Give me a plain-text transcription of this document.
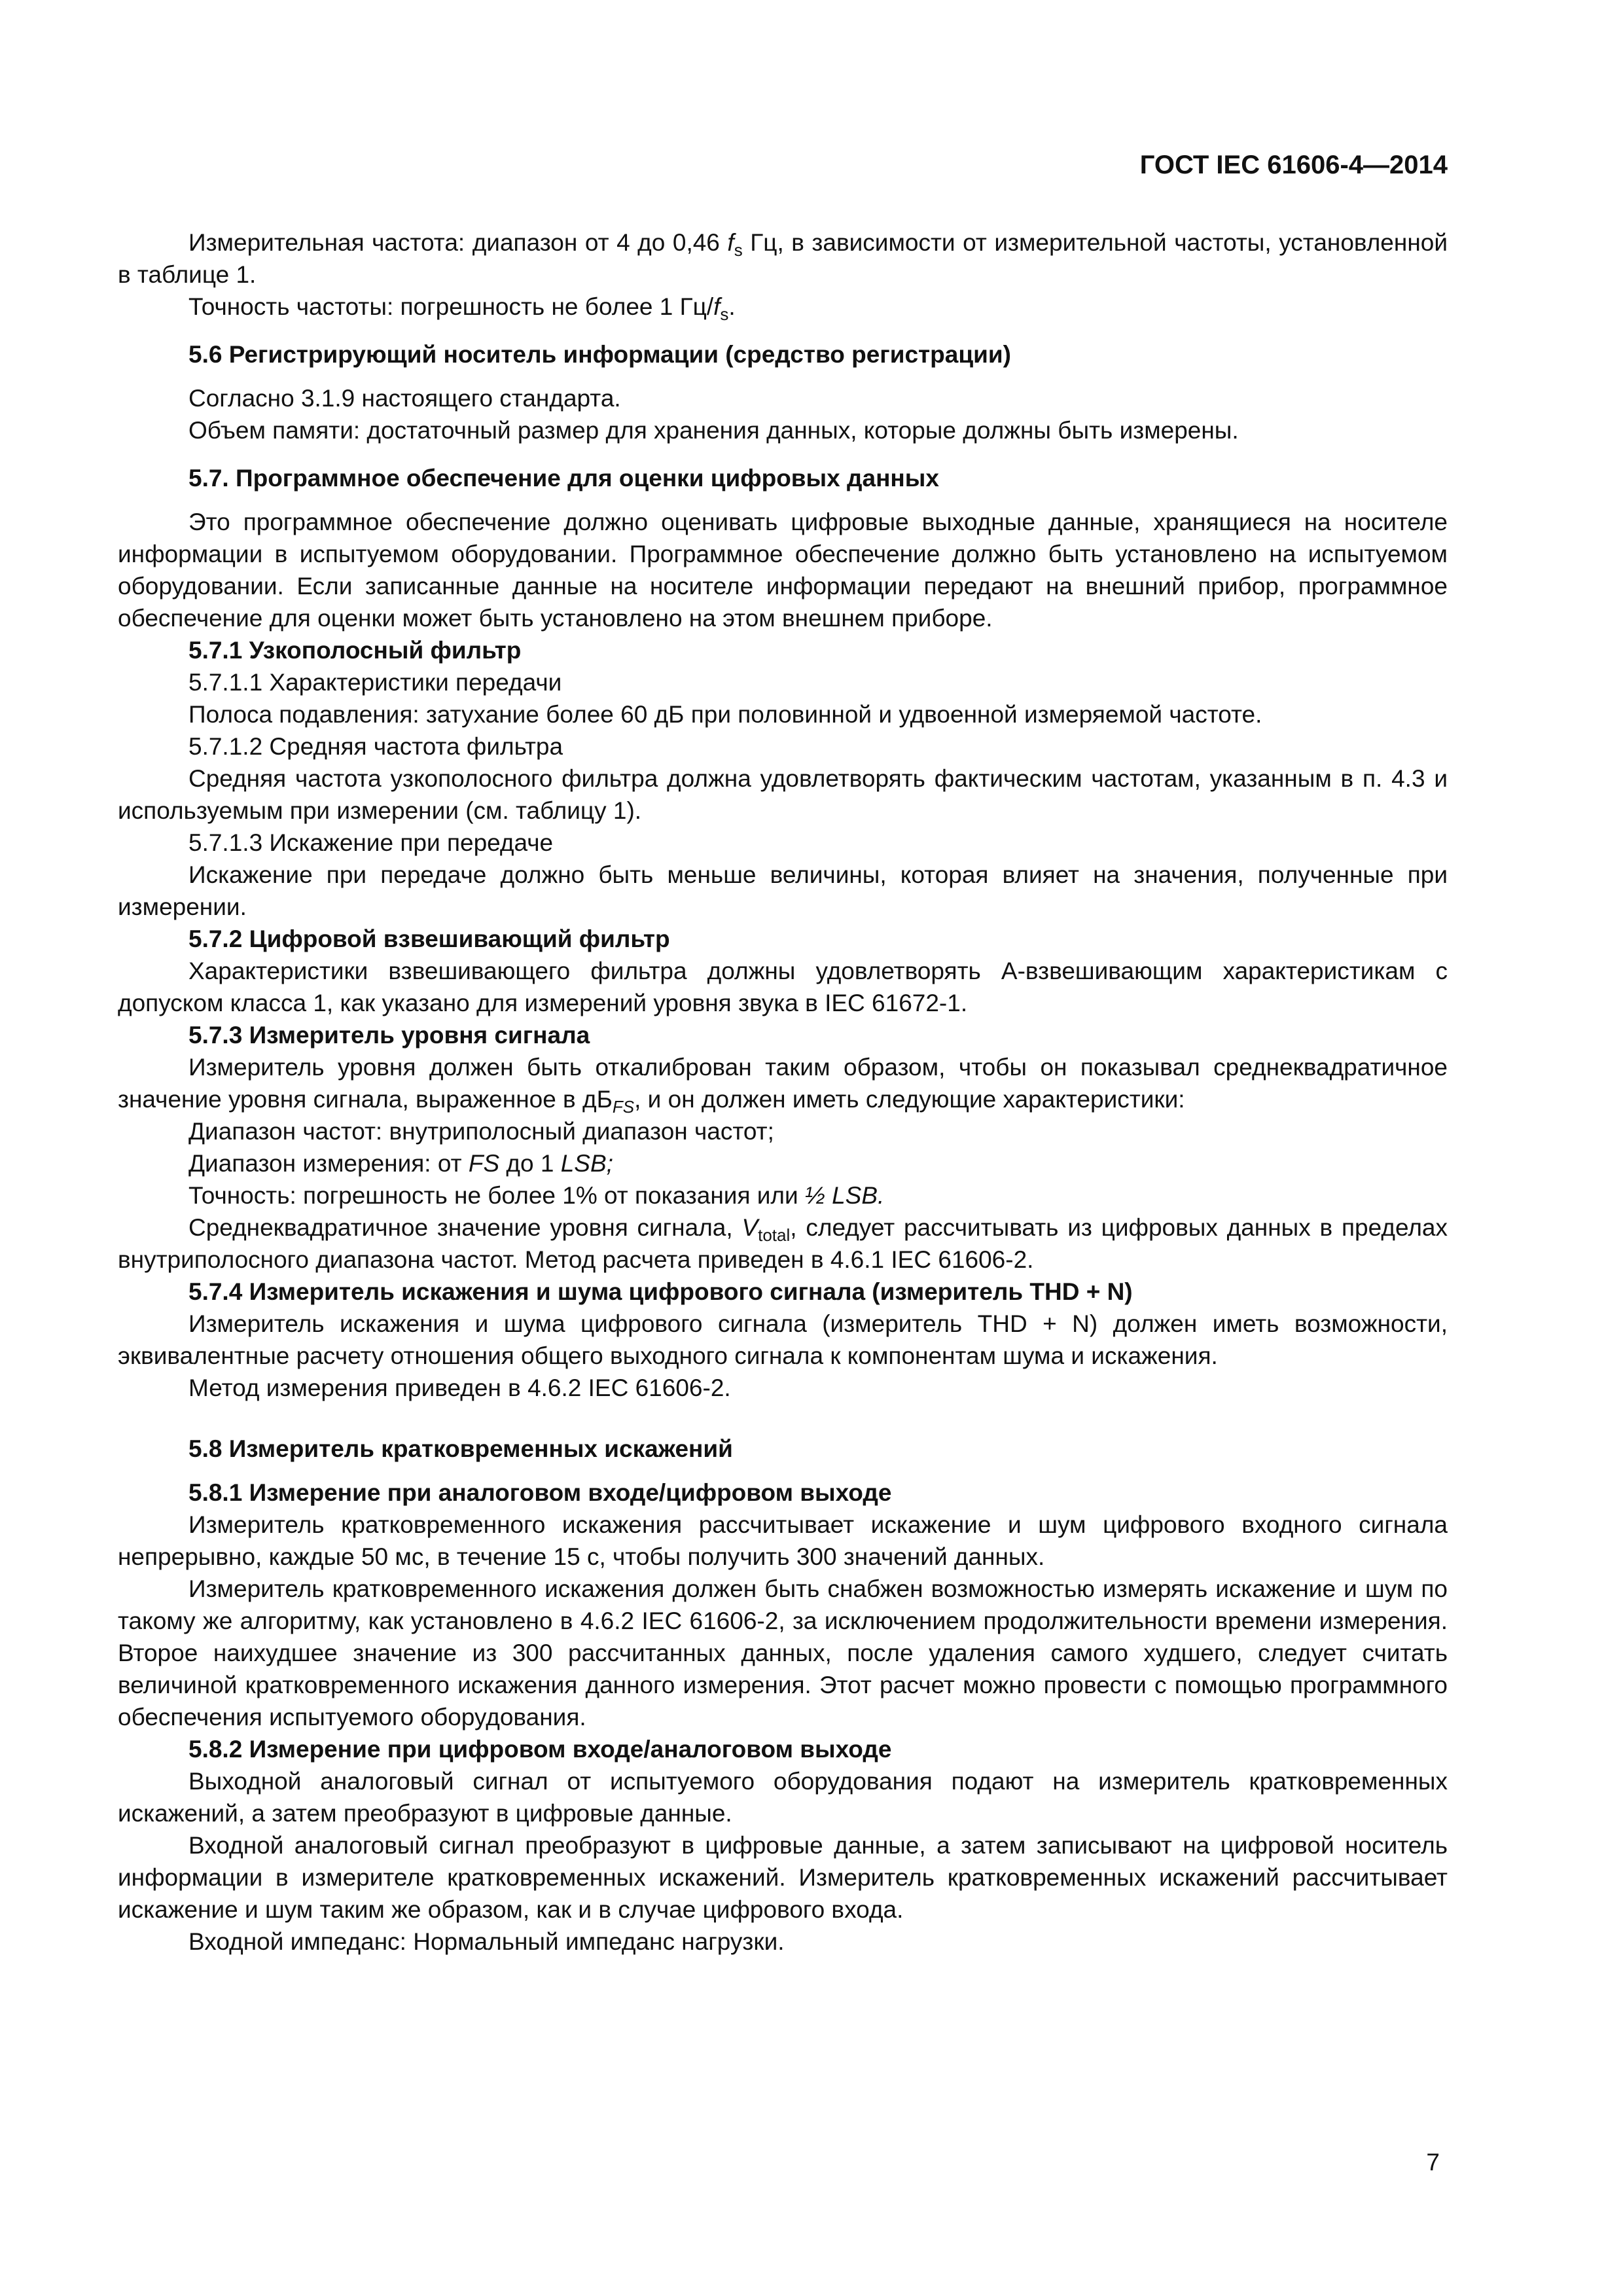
ГОСТ IEC 61606-4—2014

Измерительная частота: диапазон от 4 до 0,46 $f_s$ Гц, в зависимости от измерительной частоты, установленной в таблице 1.

Точность частоты: погрешность не более 1 $Гц/f_s$.

5.6 Регистрирующий носитель информации (средство регистрации)

Согласно 3.1.9 настоящего стандарта.

Объем памяти: достаточный размер для хранения данных, которые должны быть измерены.

5.7. Программное обеспечение для оценки цифровых данных

Это программное обеспечение должно оценивать цифровые выходные данные, хранящиеся на носителе информации в испытуемом оборудовании. Программное обеспечение должно быть установлено на испытуемом оборудовании. Если записанные данные на носителе информации передают на внешний прибор, программное обеспечение для оценки может быть установлено на этом внешнем приборе.

5.7.1 Узкополосный фильтр

5.7.1.1 Характеристики передачи

Полоса подавления: затухание более 60 дБ при половинной и удвоенной измеряемой частоте.

5.7.1.2 Средняя частота фильтра

Средняя частота узкополосного фильтра должна удовлетворять фактическим частотам, указанным в п. 4.3 и используемым при измерении (см. таблицу 1).

5.7.1.3 Искажение при передаче

Искажение при передаче должно быть меньше величины, которая влияет на значения, полученные при измерении.

5.7.2 Цифровой взвешивающий фильтр

Характеристики взвешивающего фильтра должны удовлетворять А-взвешивающим характеристикам с допуском класса 1, как указано для измерений уровня звука в IEC 61672-1.

5.7.3 Измеритель уровня сигнала

Измеритель уровня должен быть откалиброван таким образом, чтобы он показывал среднеквадратичное значение уровня сигнала, выраженное в $дБ_{FS}$, и он должен иметь следующие характеристики:

Диапазон частот: внутриполосный диапазон частот;

Диапазон измерения: от FS до 1 LSB;

Точность: погрешность не более 1% от показания или ½ LSB.

Среднеквадратичное значение уровня сигнала, $V_{total}$, следует рассчитывать из цифровых данных в пределах внутриполосного диапазона частот. Метод расчета приведен в 4.6.1 IEC 61606-2.

5.7.4 Измеритель искажения и шума цифрового сигнала (измеритель THD + N)

Измеритель искажения и шума цифрового сигнала (измеритель THD + N) должен иметь возможности, эквивалентные расчету отношения общего выходного сигнала к компонентам шума и искажения.

Метод измерения приведен в 4.6.2 IEC 61606-2.

5.8 Измеритель кратковременных искажений
5.8.1 Измерение при аналоговом входе/цифровом выходе

Измеритель кратковременного искажения рассчитывает искажение и шум цифрового входного сигнала непрерывно, каждые 50 мс, в течение 15 с, чтобы получить 300 значений данных.

Измеритель кратковременного искажения должен быть снабжен возможностью измерять искажение и шум по такому же алгоритму, как установлено в 4.6.2 IEC 61606-2, за исключением продолжительности времени измерения. Второе наихудшее значение из 300 рассчитанных данных, после удаления самого худшего, следует считать величиной кратковременного искажения данного измерения. Этот расчет можно провести с помощью программного обеспечения испытуемого оборудования.

5.8.2 Измерение при цифровом входе/аналоговом выходе

Выходной аналоговый сигнал от испытуемого оборудования подают на измеритель кратковременных искажений, а затем преобразуют в цифровые данные.

Входной аналоговый сигнал преобразуют в цифровые данные, а затем записывают на цифровой носитель информации в измерителе кратковременных искажений. Измеритель кратковременных искажений рассчитывает искажение и шум таким же образом, как и в случае цифрового входа.

Входной импеданс: Нормальный импеданс нагрузки.

7
